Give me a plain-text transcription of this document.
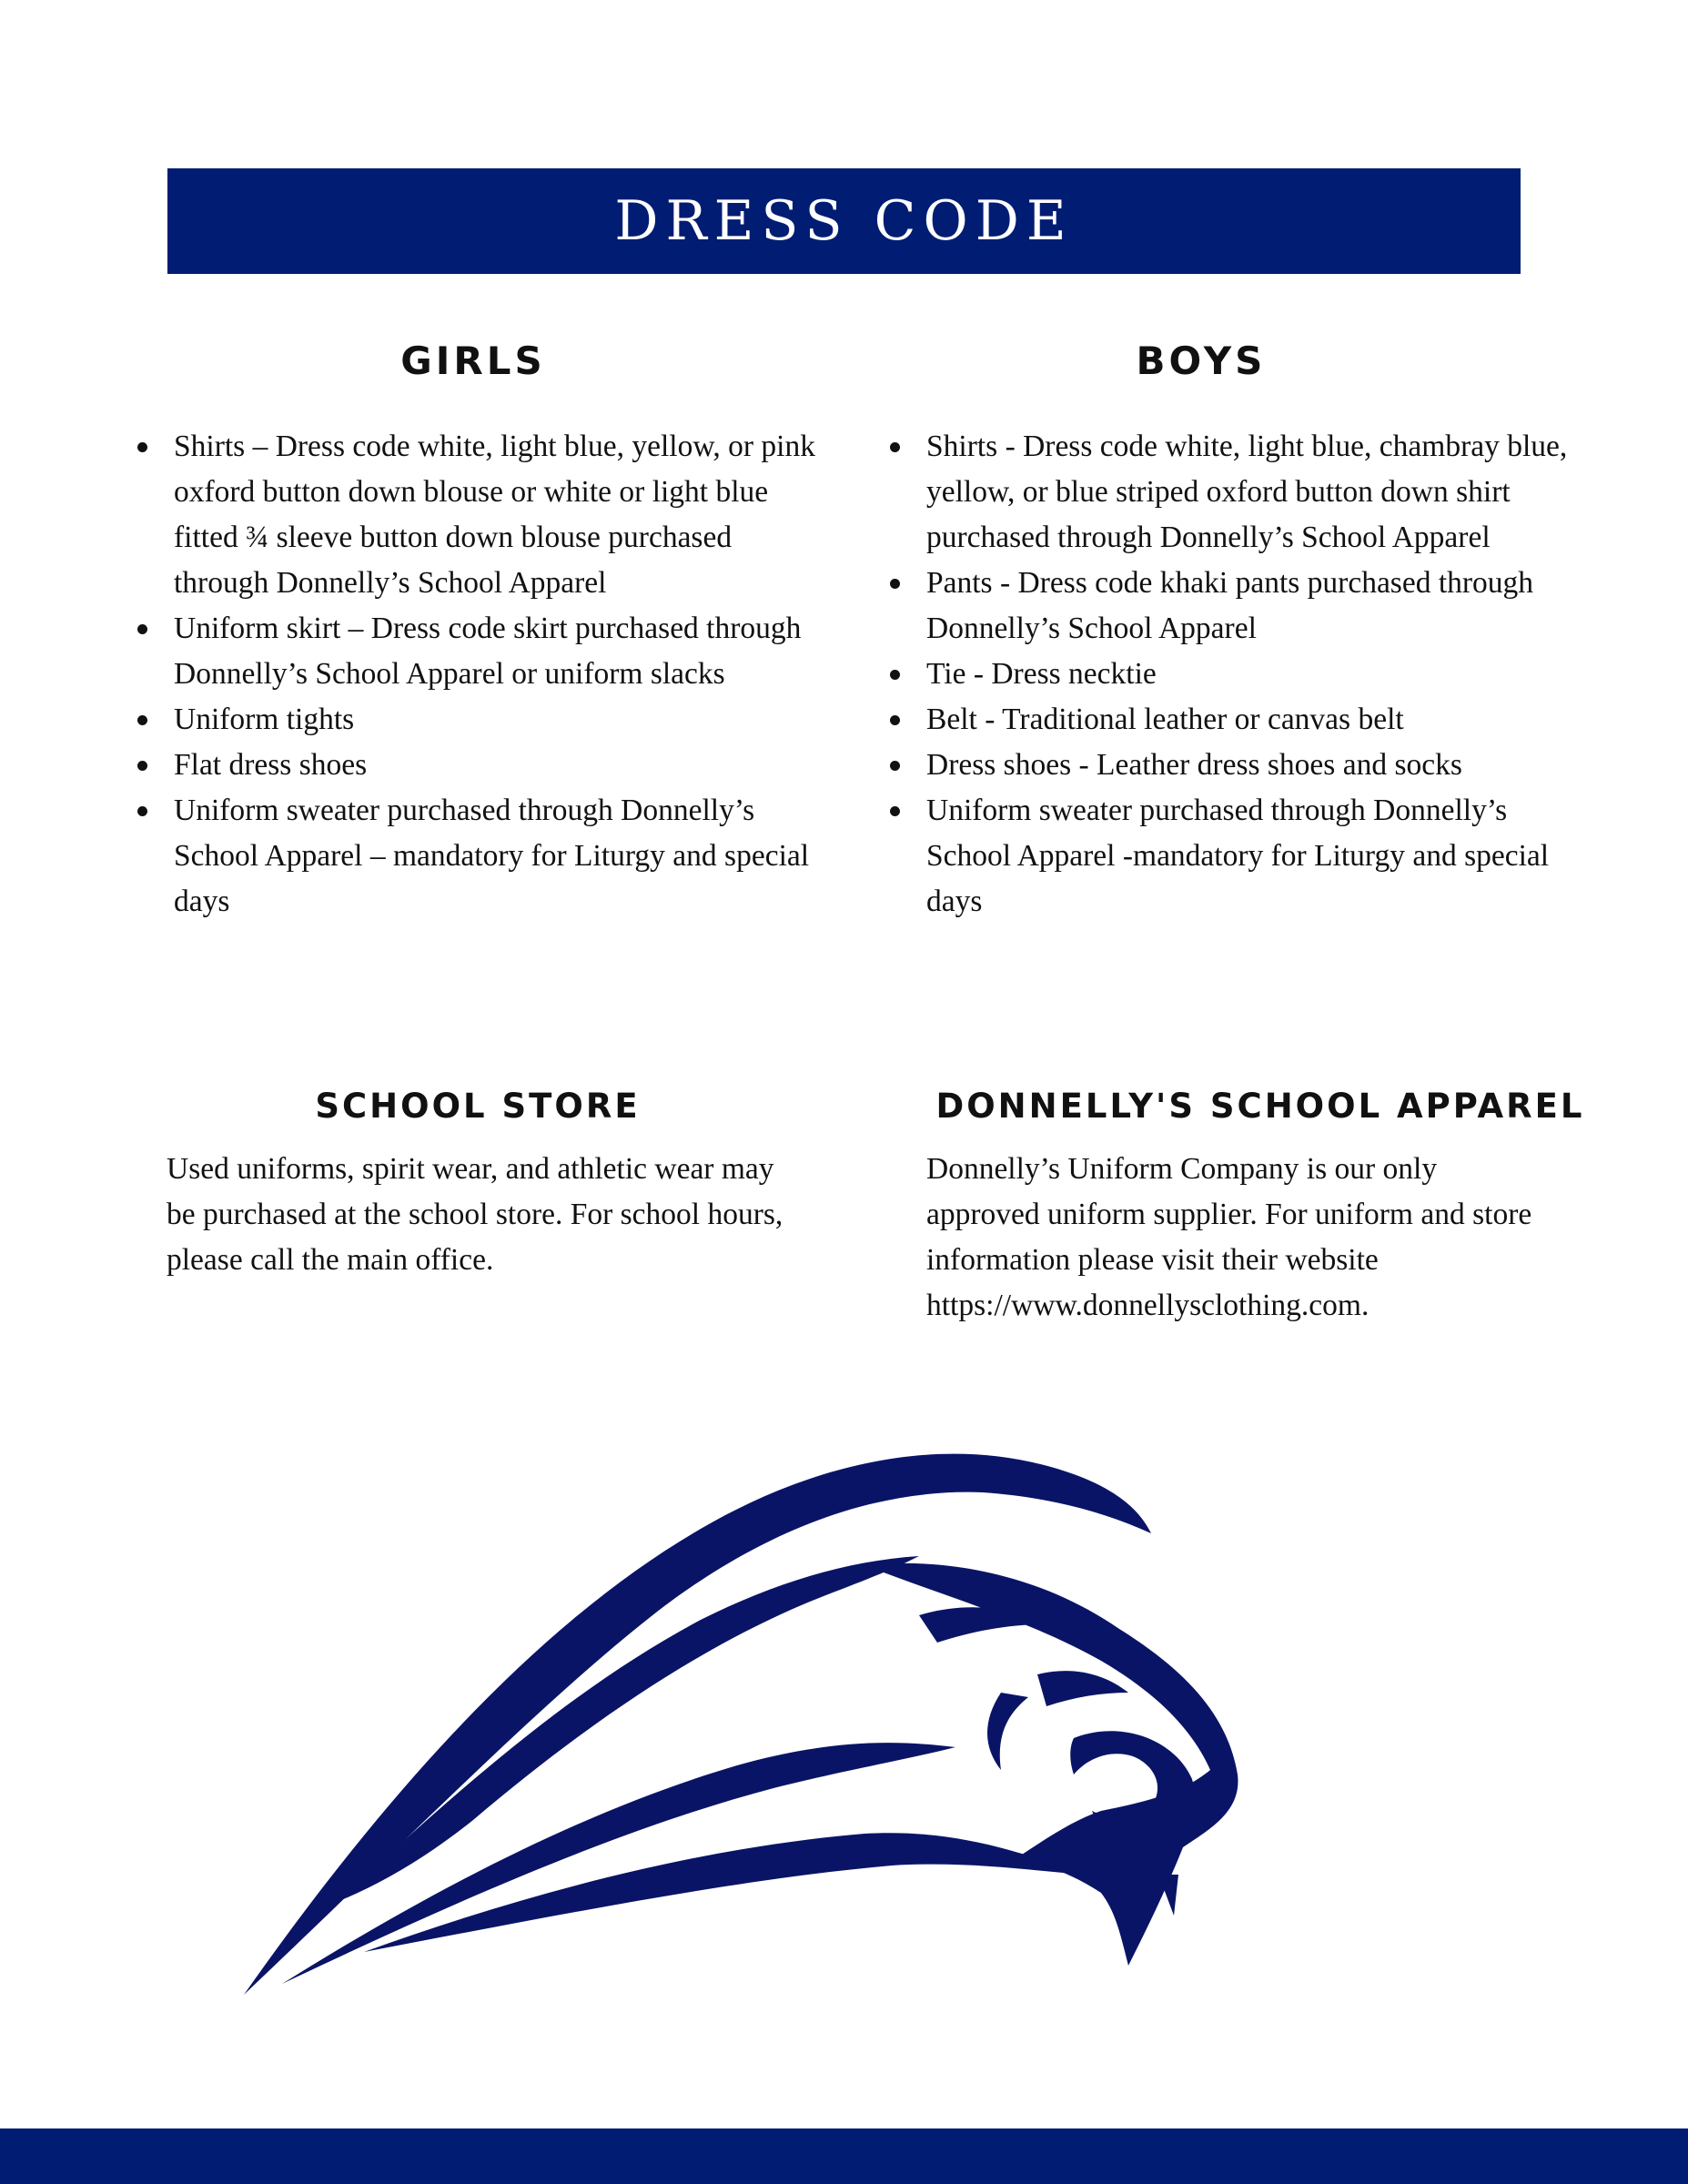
DRESS CODE
GIRLS	BOYS
Shirts – Dress code white, light blue, yellow, or pink oxford button down blouse or white or light blue fitted ¾ sleeve button down blouse purchased through Donnelly’s School Apparel
Uniform skirt – Dress code skirt purchased through Donnelly’s School Apparel or uniform slacks
Uniform tights
Flat dress shoes
Uniform sweater purchased through Donnelly’s School Apparel – mandatory for Liturgy and special days
Shirts - Dress code white, light blue, chambray blue, yellow, or blue striped oxford button down shirt purchased through Donnelly’s School Apparel
Pants - Dress code khaki pants purchased through Donnelly’s School Apparel
Tie - Dress necktie
Belt - Traditional leather or canvas belt
Dress shoes - Leather dress shoes and socks
Uniform sweater purchased through Donnelly’s School Apparel -mandatory for Liturgy and special days
SCHOOL STORE	DONNELLY'S SCHOOL APPAREL

Used uniforms, spirit wear, and athletic wear may be purchased at the school store. For school hours, please call the main office.

Donnelly’s Uniform Company is our only approved uniform supplier. For uniform and store information please visit their website https://www.donnellysclothing.com.
